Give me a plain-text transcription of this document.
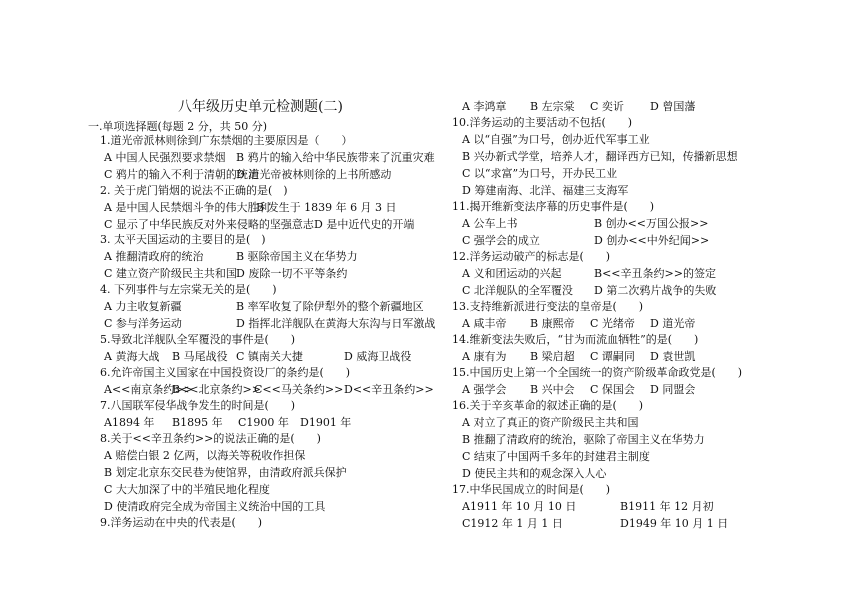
八年级历史单元检测题(二)
一.单项选择题(每题 2 分，共 50 分)
1.道光帝派林则徐到广东禁烟的主要原因是（　　）
A 中国人民强烈要求禁烟 B 鸦片的输入给中华民族带来了沉重灾难
C 鸦片的输入不利于清朝的统治
D 道光帝被林则徐的上书所感动
2. 关于虎门销烟的说法不正确的是(　)
A 是中国人民禁烟斗争的伟大胜利
B 发生于 1839 年 6 月 3 日
C 显示了中华民族反对外来侵略的坚强意志 D 是中近代史的开端
3. 太平天国运动的主要目的是(　)
A 推翻清政府的统治	B 驱除帝国主义在华势力
C 建立资产阶级民主共和国 D 废除一切不平等条约
4. 下列事件与左宗棠无关的是(　　)
A 力主收复新疆	B 率军收复了除伊犁外的整个新疆地区
C 参与洋务运动	D 指挥北洋舰队在黄海大东沟与日军激战
5.导致北洋舰队全军覆没的事件是(　　)
A 黄海大战 B 马尾战役 C 镇南关大捷	D 威海卫战役
6.允许帝国主义国家在中国投资设厂的条约是(　　)
A<<南京条约>>
B<<北京条约>>
C<<马关条约>> D<<辛丑条约>>
7.八国联军侵华战争发生的时间是(　　)
A1894 年 B1895 年 C1900 年 D1901 年
8.关于<<辛丑条约>>的说法正确的是(　　)
A 赔偿白银 2 亿两，以海关等税收作担保
B 划定北京东交民巷为使馆界，由清政府派兵保护
C 大大加深了中的半殖民地化程度
D 使清政府完全成为帝国主义统治中国的工具
9.洋务运动在中央的代表是(　　)
A 李鸿章 B 左宗棠 C 奕䜣 D 曾国藩
10.洋务运动的主要活动不包括(　　)
A 以“自强”为口号，创办近代军事工业
B 兴办新式学堂，培养人才，翻译西方已知，传播新思想
C 以“求富”为口号，开办民工业
D 筹建南海、北洋、福建三支海军
11.揭开维新变法序幕的历史事件是(　　)
A 公车上书	B 创办<<万国公报>>
C 强学会的成立	D 创办<<中外纪闻>>
12.洋务运动破产的标志是(　　)
A 义和团运动的兴起	B<<辛丑条约>>的签定
C 北洋舰队的全军覆没 D 第二次鸦片战争的失败
13.支持维新派进行变法的皇帝是(　　)
A 咸丰帝 B 康熙帝 C 光绪帝 D 道光帝
14.维新变法失败后，“甘为而流血牺牲”的是(　　)
A 康有为 B 梁启超 C 谭嗣同 D 袁世凯
15.中国历史上第一个全国统一的资产阶级革命政党是(　　)
A 强学会 B 兴中会 C 保国会 D 同盟会
16.关于辛亥革命的叙述正确的是(　　)
A 对立了真正的资产阶级民主共和国
B 推翻了清政府的统治，驱除了帝国主义在华势力
C 结束了中国两千多年的封建君主制度
D 使民主共和的观念深入人心
17.中华民国成立的时间是(　　)
A1911 年 10 月 10 日	B1911 年 12 月初
C1912 年 1 月 1 日	D1949 年 10 月 1 日
